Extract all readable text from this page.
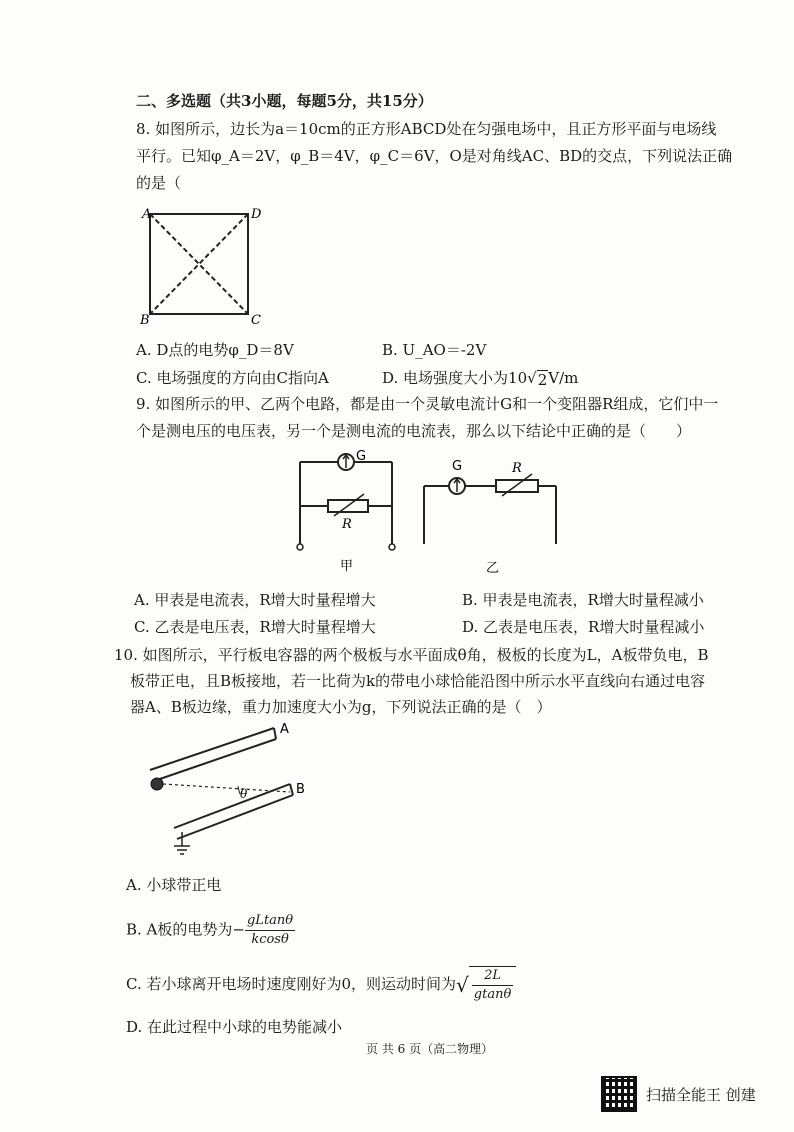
二、多选题（共3小题，每题5分，共15分）
8. 如图所示，边长为a＝10cm的正方形ABCD处在匀强电场中，且正方形平面与电场线
平行。已知φ_A＝2V，φ_B＝4V，φ_C＝6V，O是对角线AC、BD的交点，下列说法正确
的是（
A	D
B	C
A. D点的电势φ_D＝8V	B. U_AO＝-2V
C. 电场强度的方向由C指向A	D. 电场强度大小为10√2V/m
9. 如图所示的甲、乙两个电路，都是由一个灵敏电流计G和一个变阻器R组成，它们中一
个是测电压的电压表，另一个是测电流的电流表，那么以下结论中正确的是（　　）
G
R
甲
G	R
乙
A. 甲表是电流表，R增大时量程增大	B. 甲表是电流表，R增大时量程减小
C. 乙表是电压表，R增大时量程增大	D. 乙表是电压表，R增大时量程减小
10. 如图所示，平行板电容器的两个极板与水平面成θ角，极板的长度为L，A板带负电，B
板带正电，且B板接地，若一比荷为k的带电小球恰能沿图中所示水平直线向右通过电容
器A、B板边缘，重力加速度大小为g，下列说法正确的是（　）
A
θ	B
A. 小球带正电
B. A板的电势为− $\frac{gLtan\theta}{kcos\theta}$
C. 若小球离开电场时速度刚好为0，则运动时间为√ $\frac{2L}{gtan\theta}$
D. 在此过程中小球的电势能减小
页 共 6 页（高二物理）
扫描全能王 创建
